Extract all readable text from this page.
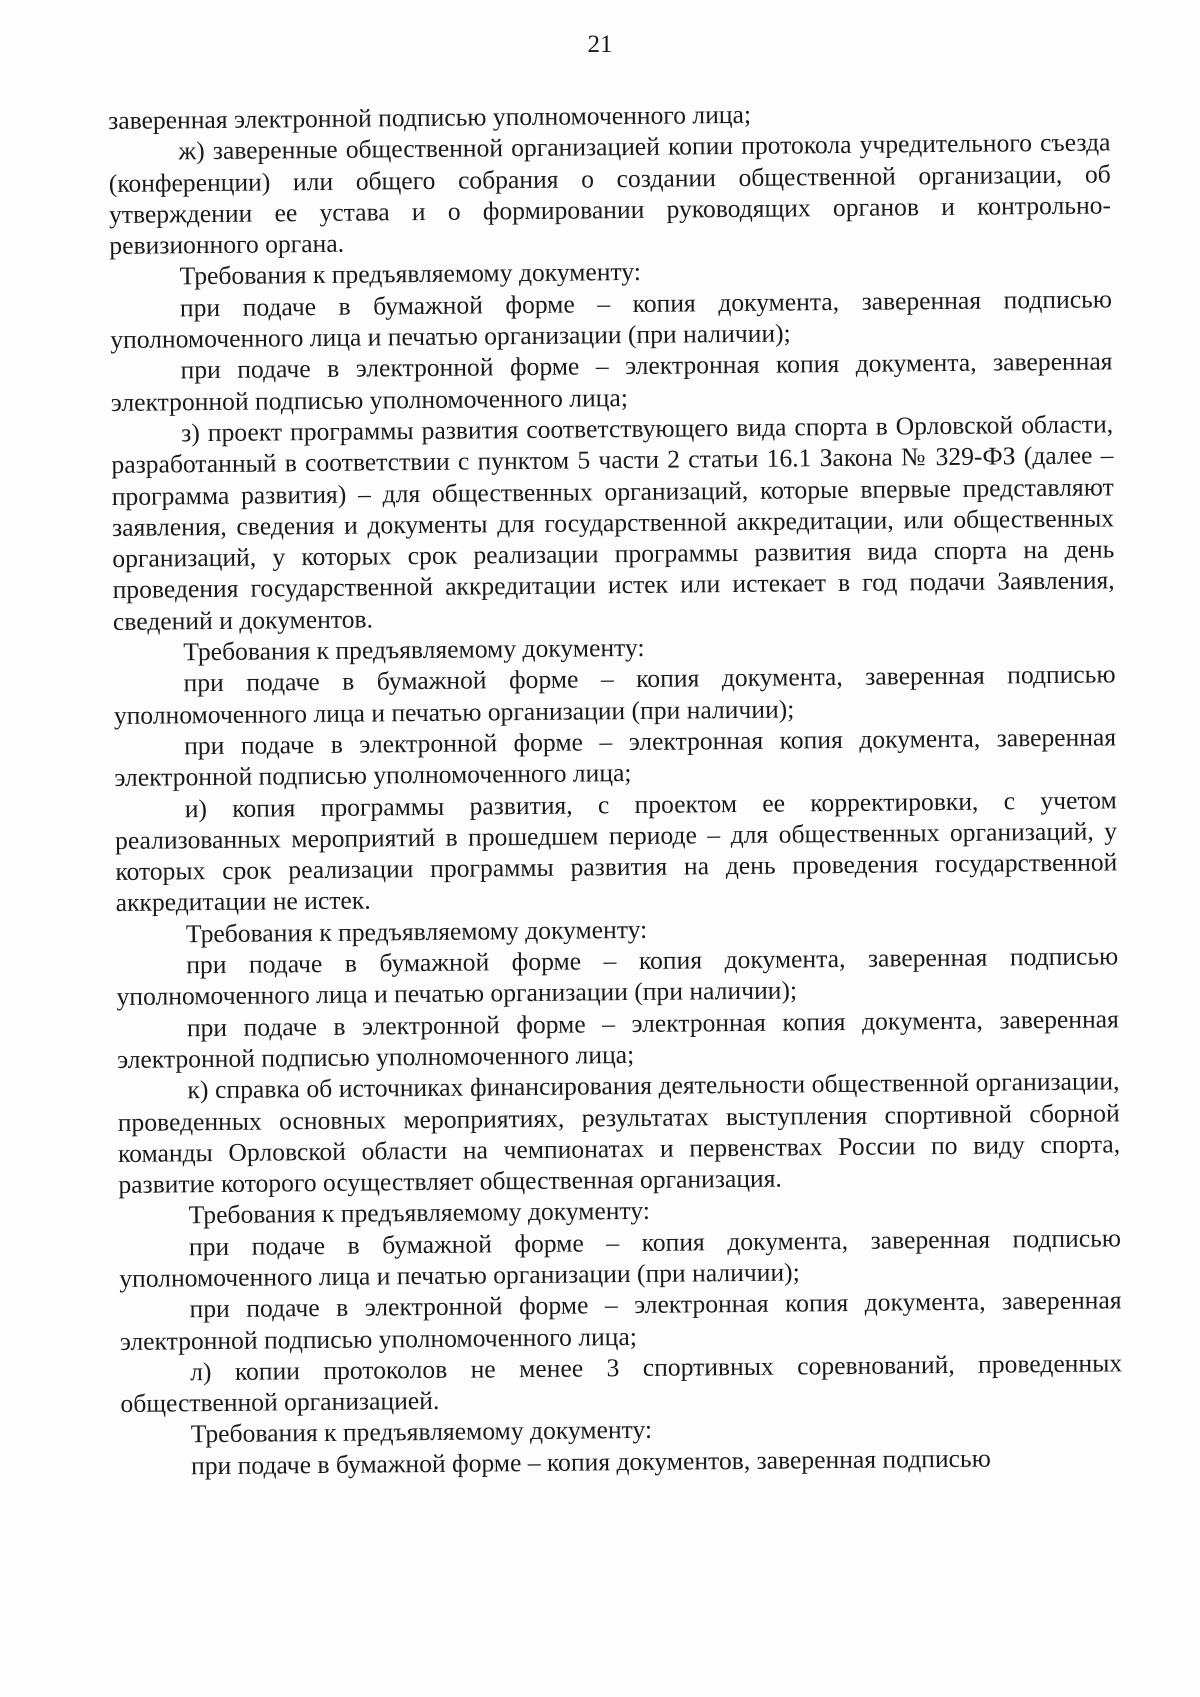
21

заверенная электронной подписью уполномоченного лица;

ж) заверенные общественной организацией копии протокола учредительного съезда (конференции) или общего собрания о создании общественной организации, об утверждении ее устава и о формировании руководящих органов и контрольно-ревизионного органа.

Требования к предъявляемому документу:

при подаче в бумажной форме – копия документа, заверенная подписью уполномоченного лица и печатью организации (при наличии);

при подаче в электронной форме – электронная копия документа, заверенная электронной подписью уполномоченного лица;

з) проект программы развития соответствующего вида спорта в Орловской области, разработанный в соответствии с пунктом 5 части 2 статьи 16.1 Закона № 329-ФЗ (далее – программа развития) – для общественных организаций, которые впервые представляют заявления, сведения и документы для государственной аккредитации, или общественных организаций, у которых срок реализации программы развития вида спорта на день проведения государственной аккредитации истек или истекает в год подачи Заявления, сведений и документов.

Требования к предъявляемому документу:

при подаче в бумажной форме – копия документа, заверенная подписью уполномоченного лица и печатью организации (при наличии);

при подаче в электронной форме – электронная копия документа, заверенная электронной подписью уполномоченного лица;

и) копия программы развития, с проектом ее корректировки, с учетом реализованных мероприятий в прошедшем периоде – для общественных организаций, у которых срок реализации программы развития на день проведения государственной аккредитации не истек.

Требования к предъявляемому документу:

при подаче в бумажной форме – копия документа, заверенная подписью уполномоченного лица и печатью организации (при наличии);

при подаче в электронной форме – электронная копия документа, заверенная электронной подписью уполномоченного лица;

к) справка об источниках финансирования деятельности общественной организации, проведенных основных мероприятиях, результатах выступления спортивной сборной команды Орловской области на чемпионатах и первенствах России по виду спорта, развитие которого осуществляет общественная организация.

Требования к предъявляемому документу:

при подаче в бумажной форме – копия документа, заверенная подписью уполномоченного лица и печатью организации (при наличии);

при подаче в электронной форме – электронная копия документа, заверенная электронной подписью уполномоченного лица;

л) копии протоколов не менее 3 спортивных соревнований, проведенных общественной организацией.

Требования к предъявляемому документу:

при подаче в бумажной форме – копия документов, заверенная подписью
